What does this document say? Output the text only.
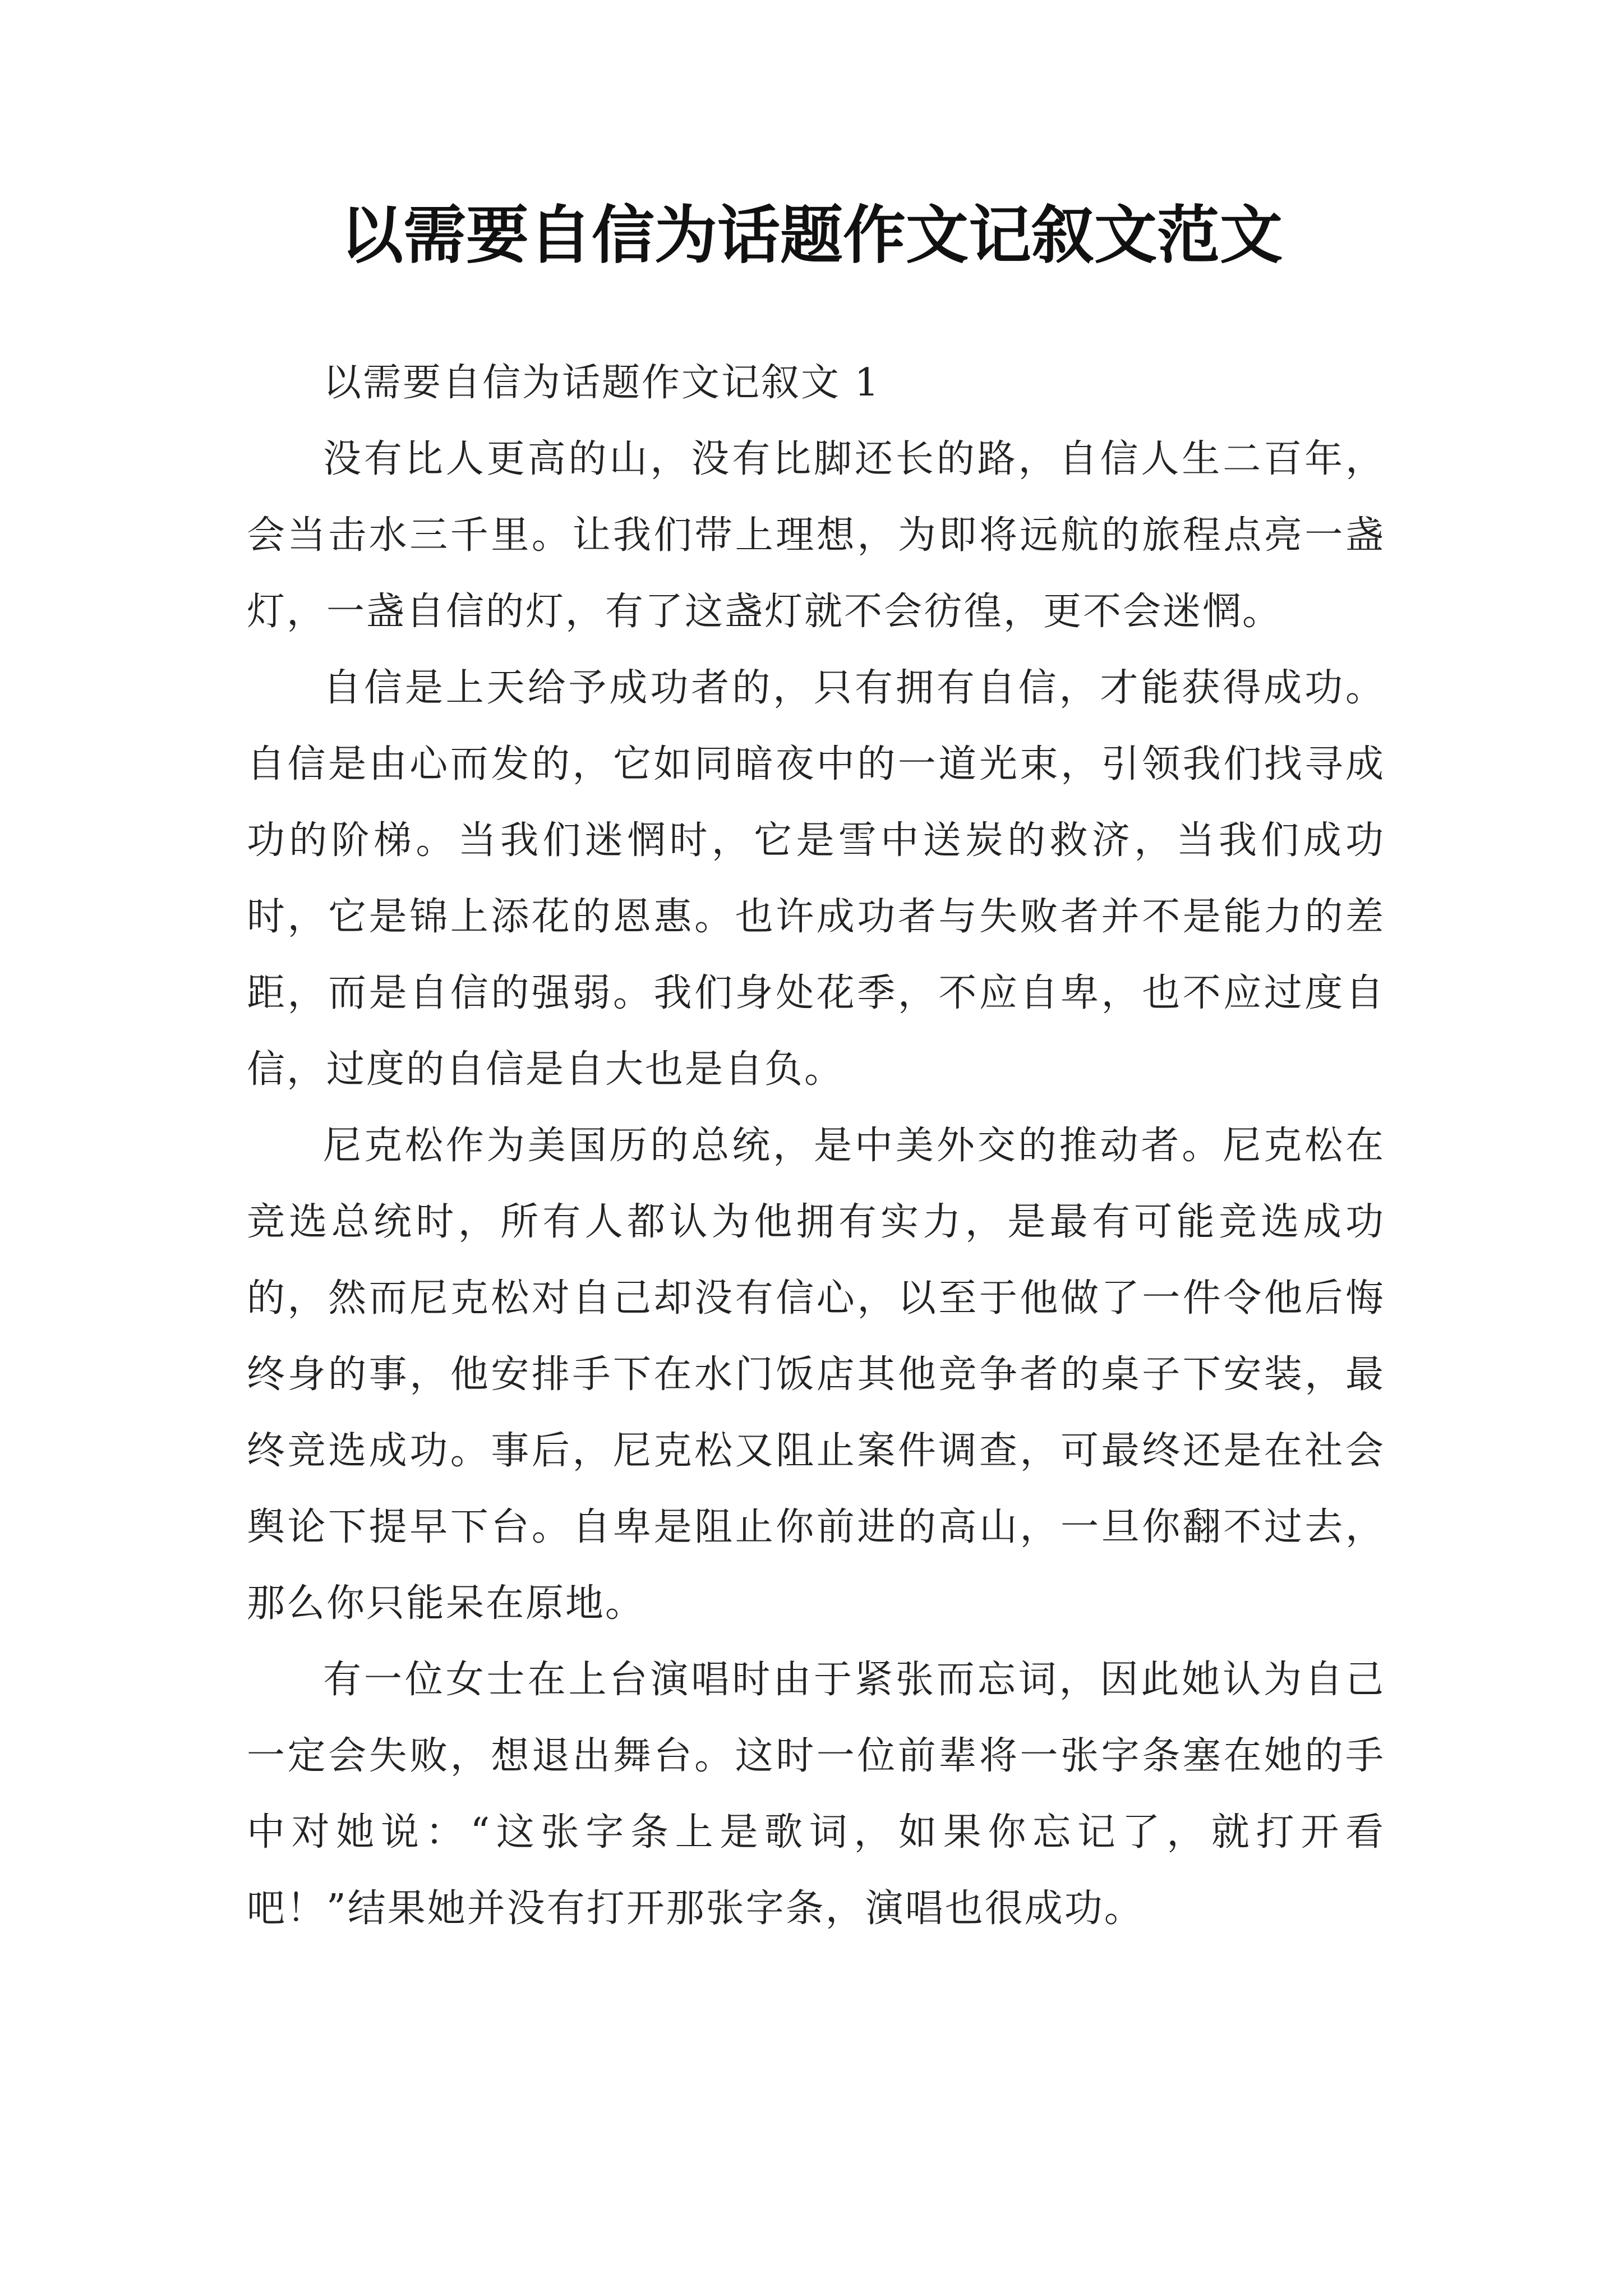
以需要自信为话题作文记叙文范文

以需要自信为话题作文记叙文 1

没有比人更高的山，没有比脚还长的路，自信人生二百年，会当击水三千里。让我们带上理想，为即将远航的旅程点亮一盏灯，一盏自信的灯，有了这盏灯就不会彷徨，更不会迷惘。

自信是上天给予成功者的，只有拥有自信，才能获得成功。自信是由心而发的，它如同暗夜中的一道光束，引领我们找寻成功的阶梯。当我们迷惘时，它是雪中送炭的救济，当我们成功时，它是锦上添花的恩惠。也许成功者与失败者并不是能力的差距，而是自信的强弱。我们身处花季，不应自卑，也不应过度自信，过度的自信是自大也是自负。

尼克松作为美国历的总统，是中美外交的推动者。尼克松在竞选总统时，所有人都认为他拥有实力，是最有可能竞选成功的，然而尼克松对自己却没有信心，以至于他做了一件令他后悔终身的事，他安排手下在水门饭店其他竞争者的桌子下安装，最终竞选成功。事后，尼克松又阻止案件调查，可最终还是在社会舆论下提早下台。自卑是阻止你前进的高山，一旦你翻不过去，那么你只能呆在原地。

有一位女士在上台演唱时由于紧张而忘词，因此她认为自己一定会失败，想退出舞台。这时一位前辈将一张字条塞在她的手中对她说：“这张字条上是歌词，如果你忘记了，就打开看吧！”结果她并没有打开那张字条，演唱也很成功。
